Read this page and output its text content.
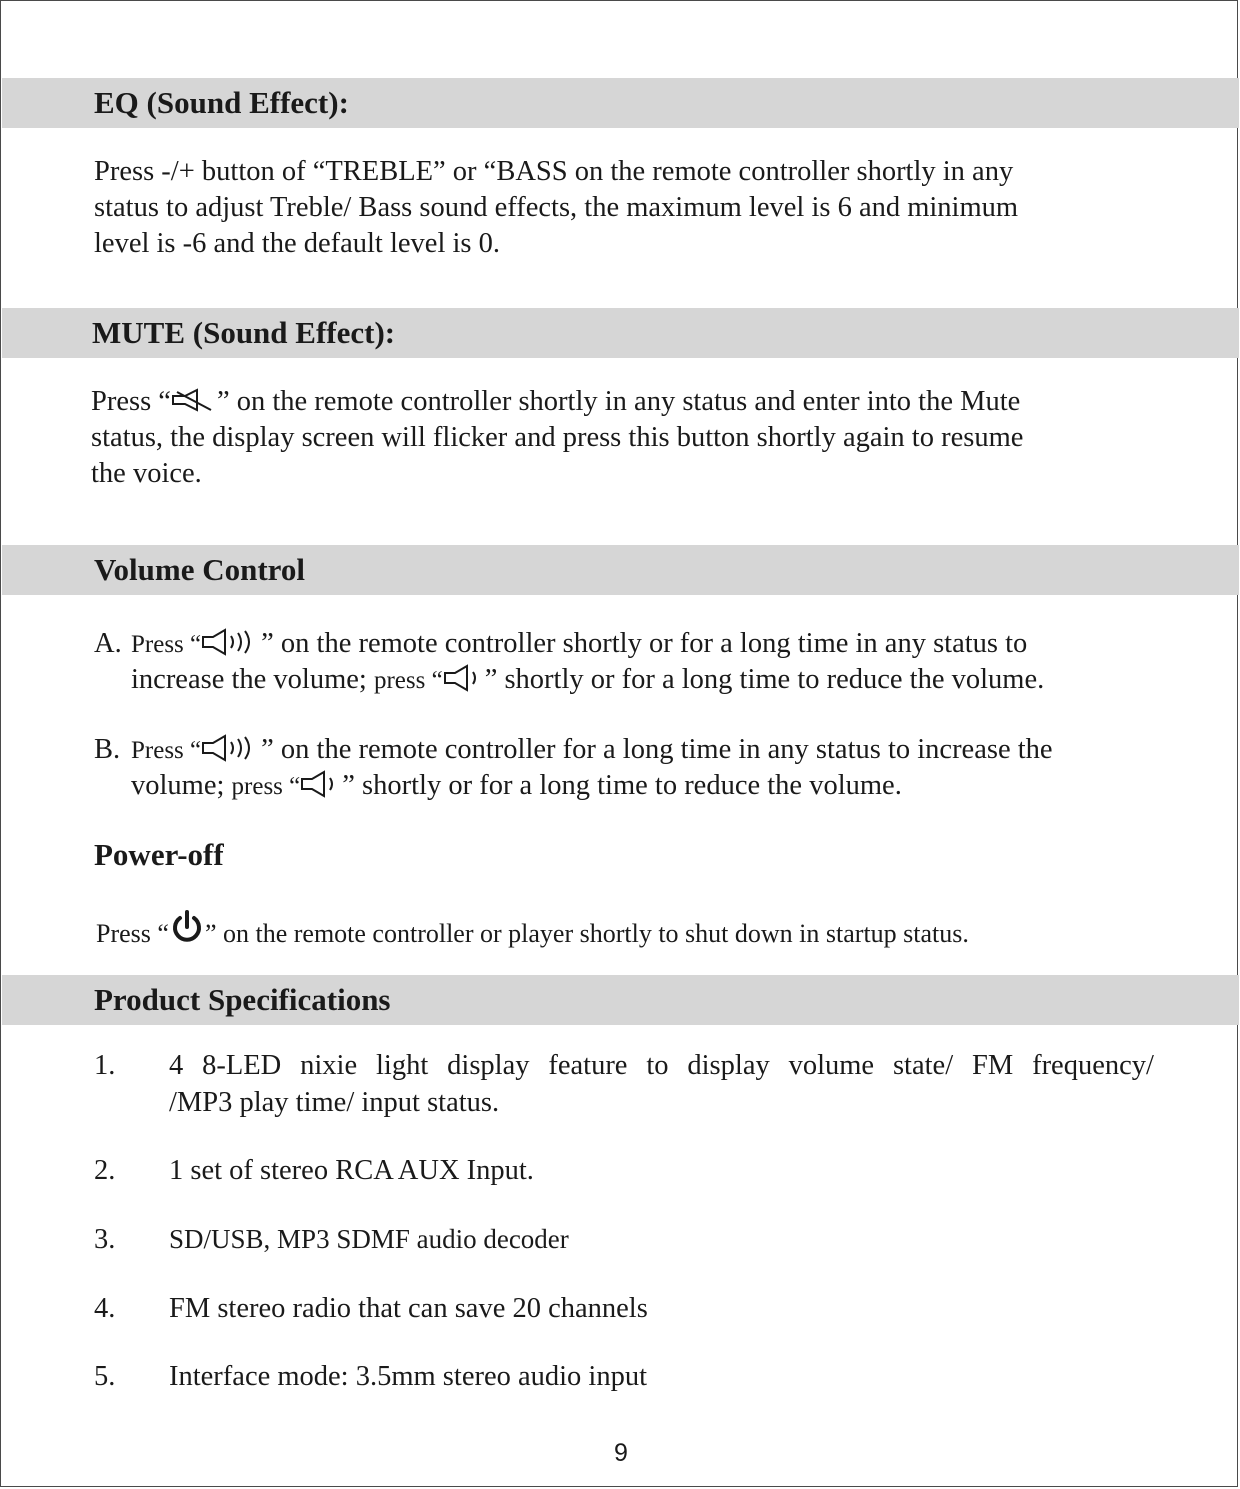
EQ (Sound Effect):
Press -/+ button of “TREBLE” or “BASS on the remote controller shortly in any
status to adjust Treble/ Bass sound effects, the maximum level is 6 and minimum
level is -6 and the default level is 0.
MUTE (Sound Effect):
Press “ ” on the remote controller shortly in any status and enter into the Mute
status, the display screen will flicker and press this button shortly again to resume
the voice.
Volume Control
A. Press “ ” on the remote controller shortly or for a long time in any status to
increase the volume; press “ ” shortly or for a long time to reduce the volume.
B. Press “ ” on the remote controller for a long time in any status to increase the
volume; press “ ” shortly or for a long time to reduce the volume.
Power-off
Press “ ” on the remote controller or player shortly to shut down in startup status.
Product Specifications
1.	4 8-LED nixie light display feature to display volume state/ FM frequency/
/MP3 play time/ input status.
2.	1 set of stereo RCA AUX Input.
3.	SD/USB, MP3 SDMF audio decoder
4.	FM stereo radio that can save 20 channels
5.	Interface mode: 3.5mm stereo audio input
9
